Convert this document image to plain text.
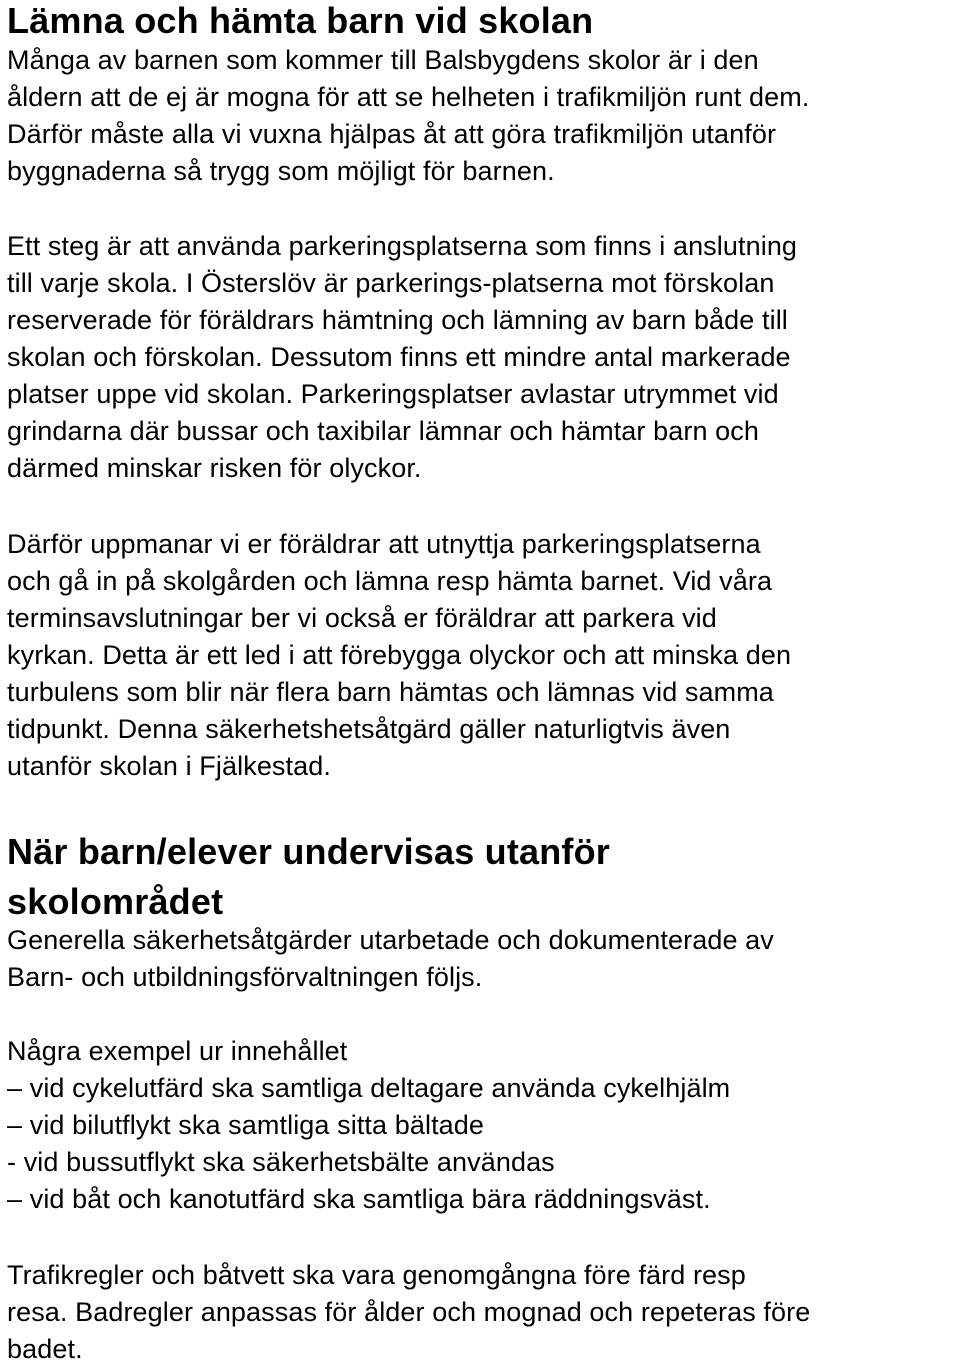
Lämna och hämta barn vid skolan
Många av barnen som kommer till Balsbygdens skolor är i den
åldern att de ej är mogna för att se helheten i trafikmiljön runt dem.
Därför måste alla vi vuxna hjälpas åt att göra trafikmiljön utanför
byggnaderna så trygg som möjligt för barnen.
Ett steg är att använda parkeringsplatserna som finns i anslutning
till varje skola. I Österslöv är parkerings-platserna mot förskolan
reserverade för föräldrars hämtning och lämning av barn både till
skolan och förskolan. Dessutom finns ett mindre antal markerade
platser uppe vid skolan. Parkeringsplatser avlastar utrymmet vid
grindarna där bussar och taxibilar lämnar och hämtar barn och
därmed minskar risken för olyckor.
Därför uppmanar vi er föräldrar att utnyttja parkeringsplatserna
och gå in på skolgården och lämna resp hämta barnet. Vid våra
terminsavslutningar ber vi också er föräldrar att parkera vid
kyrkan. Detta är ett led i att förebygga olyckor och att minska den
turbulens som blir när flera barn hämtas och lämnas vid samma
tidpunkt. Denna säkerhetshetsåtgärd gäller naturligtvis även
utanför skolan i Fjälkestad.
När barn/elever undervisas utanför
skolområdet
Generella säkerhetsåtgärder utarbetade och dokumenterade av
Barn- och utbildningsförvaltningen följs.
Några exempel ur innehållet
– vid cykelutfärd ska samtliga deltagare använda cykelhjälm
– vid bilutflykt ska samtliga sitta bältade
- vid bussutflykt ska säkerhetsbälte användas
– vid båt och kanotutfärd ska samtliga bära räddningsväst.
Trafikregler och båtvett ska vara genomgångna före färd resp
resa. Badregler anpassas för ålder och mognad och repeteras före
badet.
